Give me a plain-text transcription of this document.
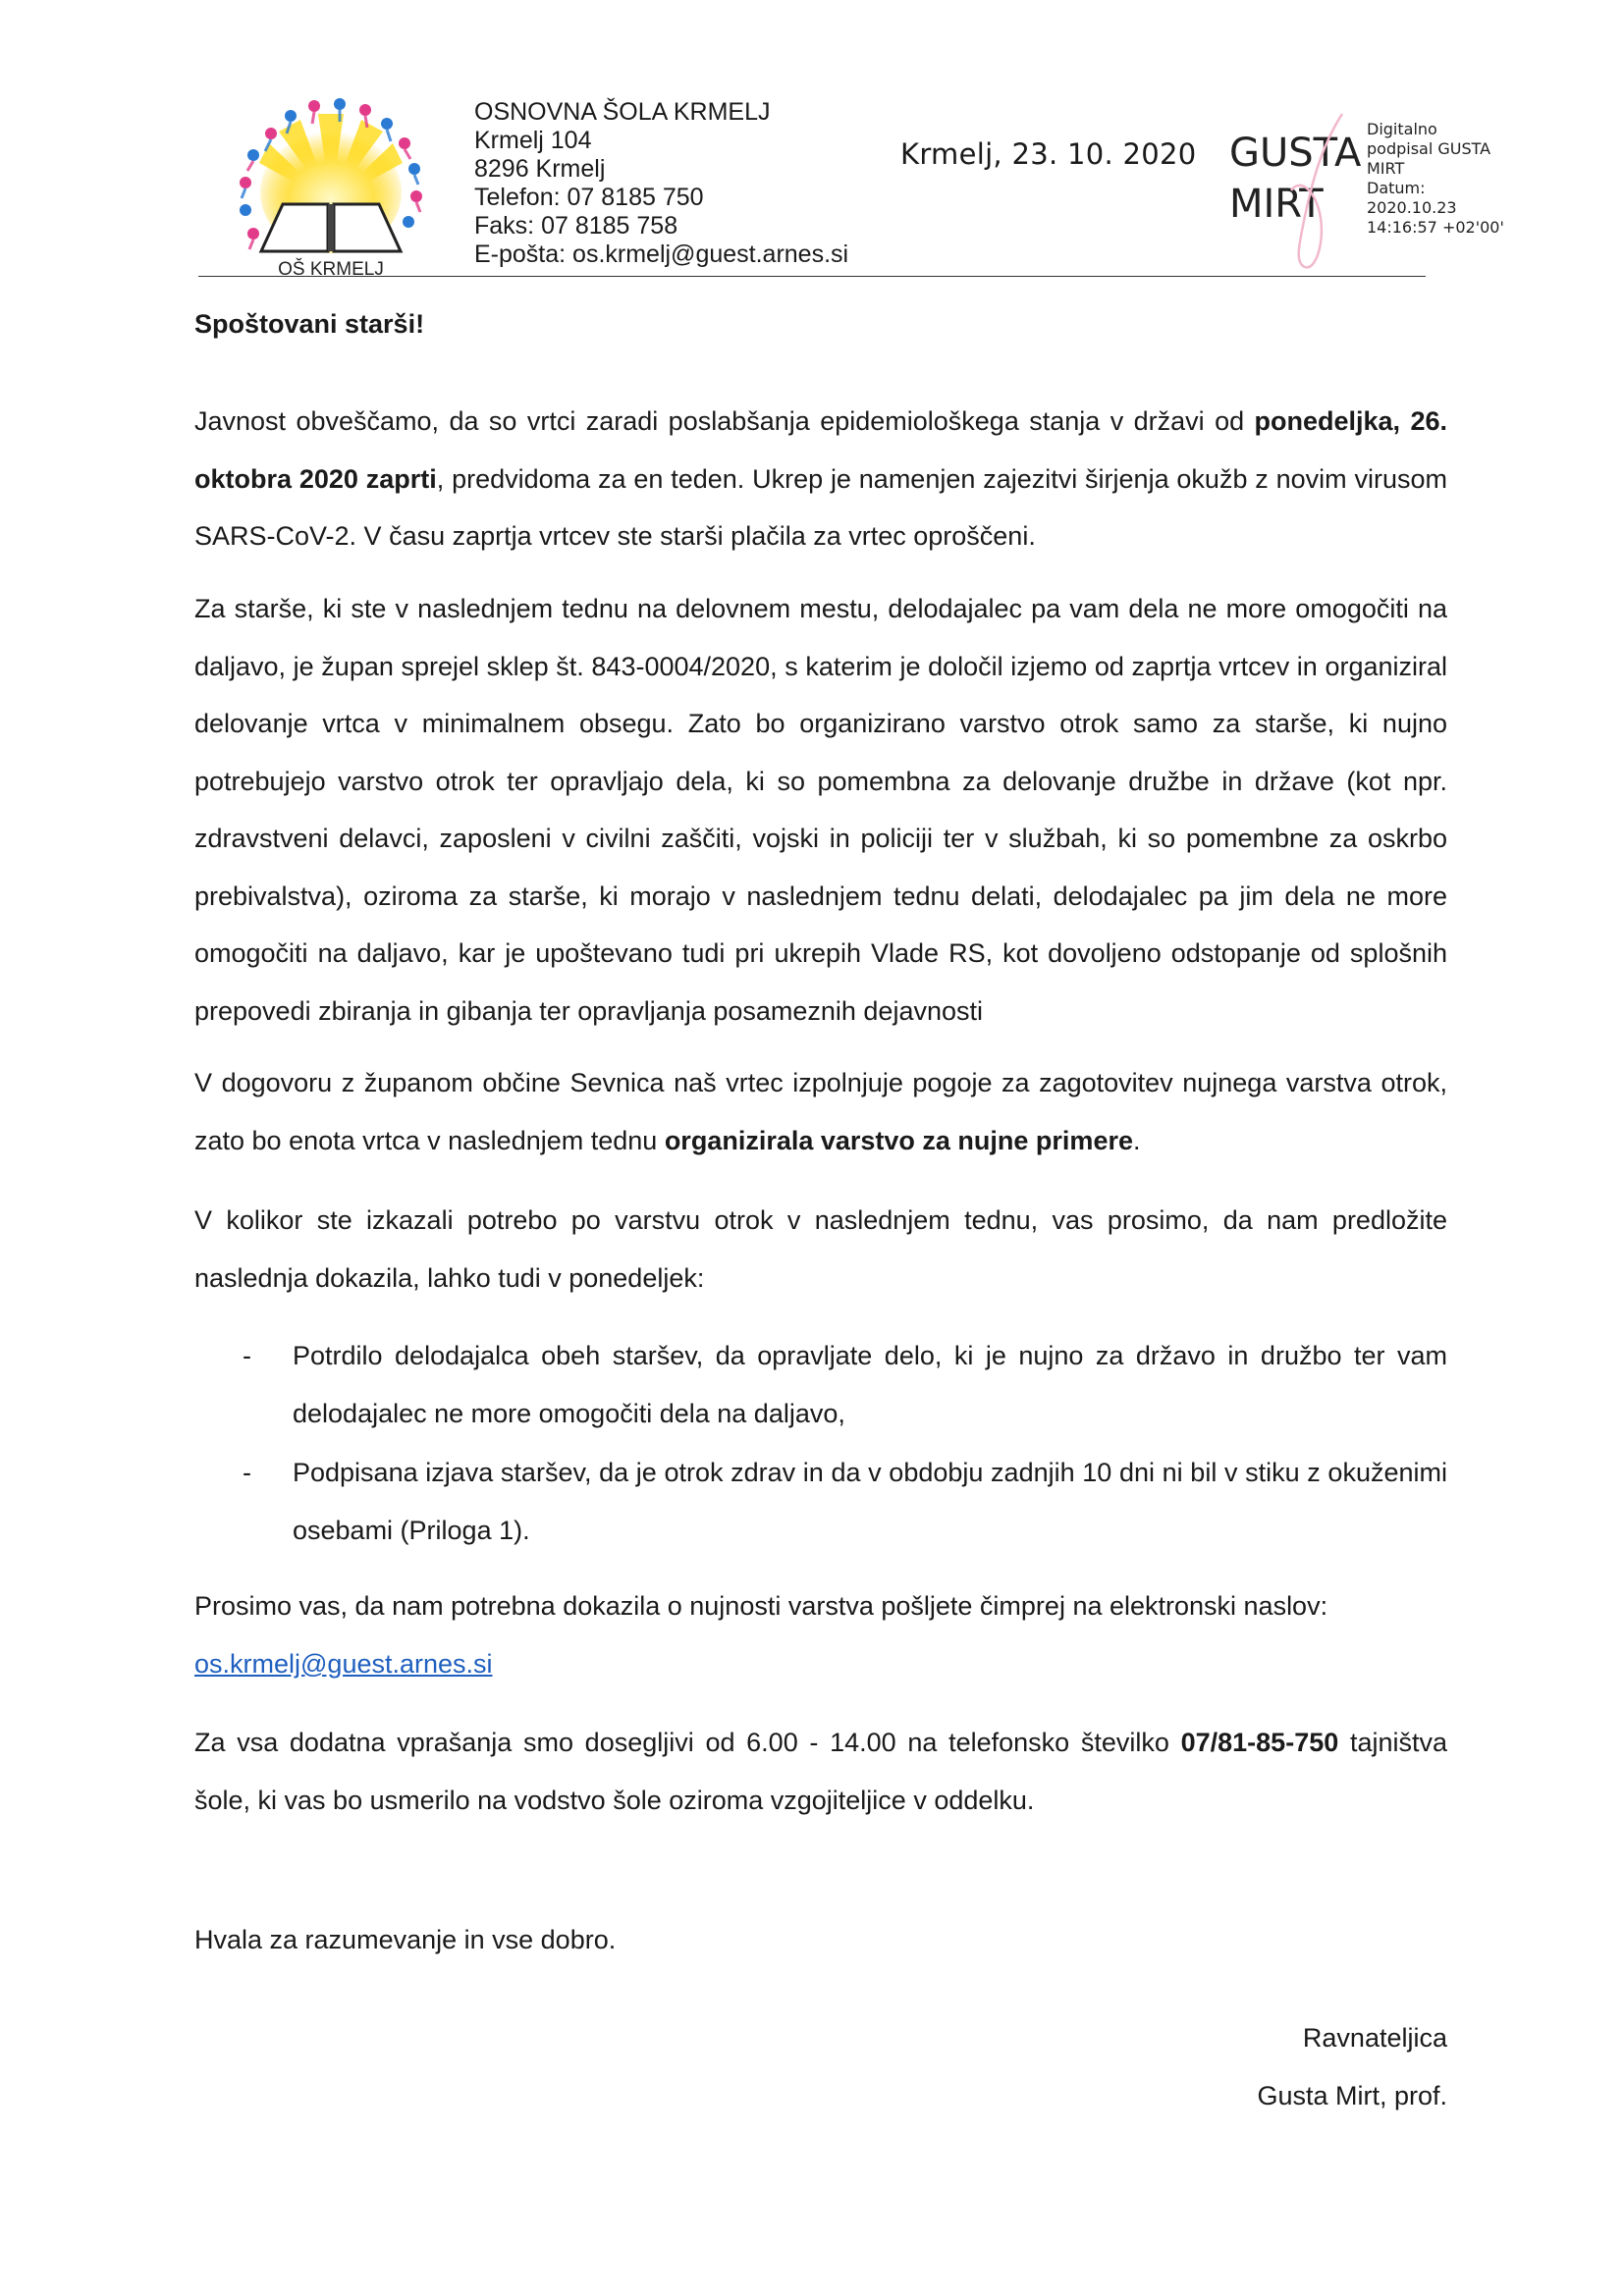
OŠ KRMELJ
OSNOVNA ŠOLA KRMELJ
Krmelj 104
8296 Krmelj
Telefon: 07 8185 750
Faks: 07 8185 758
E-pošta: os.krmelj@guest.arnes.si
Krmelj, 23. 10. 2020 GUSTA
MIRT
Digitalno
podpisal GUSTA
MIRT
Datum:
2020.10.23
14:16:57 +02'00'
Spoštovani starši!
Javnost obveščamo, da so vrtci zaradi poslabšanja epidemiološkega stanja v državi od ponedeljka, 26. oktobra 2020 zaprti, predvidoma za en teden. Ukrep je namenjen zajezitvi širjenja okužb z novim virusom SARS-CoV-2. V času zaprtja vrtcev ste starši plačila za vrtec oproščeni.
Za starše, ki ste v naslednjem tednu na delovnem mestu, delodajalec pa vam dela ne more omogočiti na daljavo, je župan sprejel sklep št. 843-0004/2020, s katerim je določil izjemo od zaprtja vrtcev in organiziral delovanje vrtca v minimalnem obsegu. Zato bo organizirano varstvo otrok samo za starše, ki nujno potrebujejo varstvo otrok ter opravljajo dela, ki so pomembna za delovanje družbe in države (kot npr. zdravstveni delavci, zaposleni v civilni zaščiti, vojski in policiji ter v službah, ki so pomembne za oskrbo prebivalstva), oziroma za starše, ki morajo v naslednjem tednu delati, delodajalec pa jim dela ne more omogočiti na daljavo, kar je upoštevano tudi pri ukrepih Vlade RS, kot dovoljeno odstopanje od splošnih prepovedi zbiranja in gibanja ter opravljanja posameznih dejavnosti
V dogovoru z županom občine Sevnica naš vrtec izpolnjuje pogoje za zagotovitev nujnega varstva otrok, zato bo enota vrtca v naslednjem tednu organizirala varstvo za nujne primere.
V kolikor ste izkazali potrebo po varstvu otrok v naslednjem tednu, vas prosimo, da nam predložite naslednja dokazila, lahko tudi v ponedeljek:
- Potrdilo delodajalca obeh staršev, da opravljate delo, ki je nujno za državo in družbo ter vam delodajalec ne more omogočiti dela na daljavo,
- Podpisana izjava staršev, da je otrok zdrav in da v obdobju zadnjih 10 dni ni bil v stiku z okuženimi osebami (Priloga 1).
Prosimo vas, da nam potrebna dokazila o nujnosti varstva pošljete čimprej na elektronski naslov:
os.krmelj@guest.arnes.si
Za vsa dodatna vprašanja smo dosegljivi od 6.00 - 14.00 na telefonsko številko 07/81-85-750 tajništva šole, ki vas bo usmerilo na vodstvo šole oziroma vzgojiteljice v oddelku.
Hvala za razumevanje in vse dobro.
Ravnateljica
Gusta Mirt, prof.
